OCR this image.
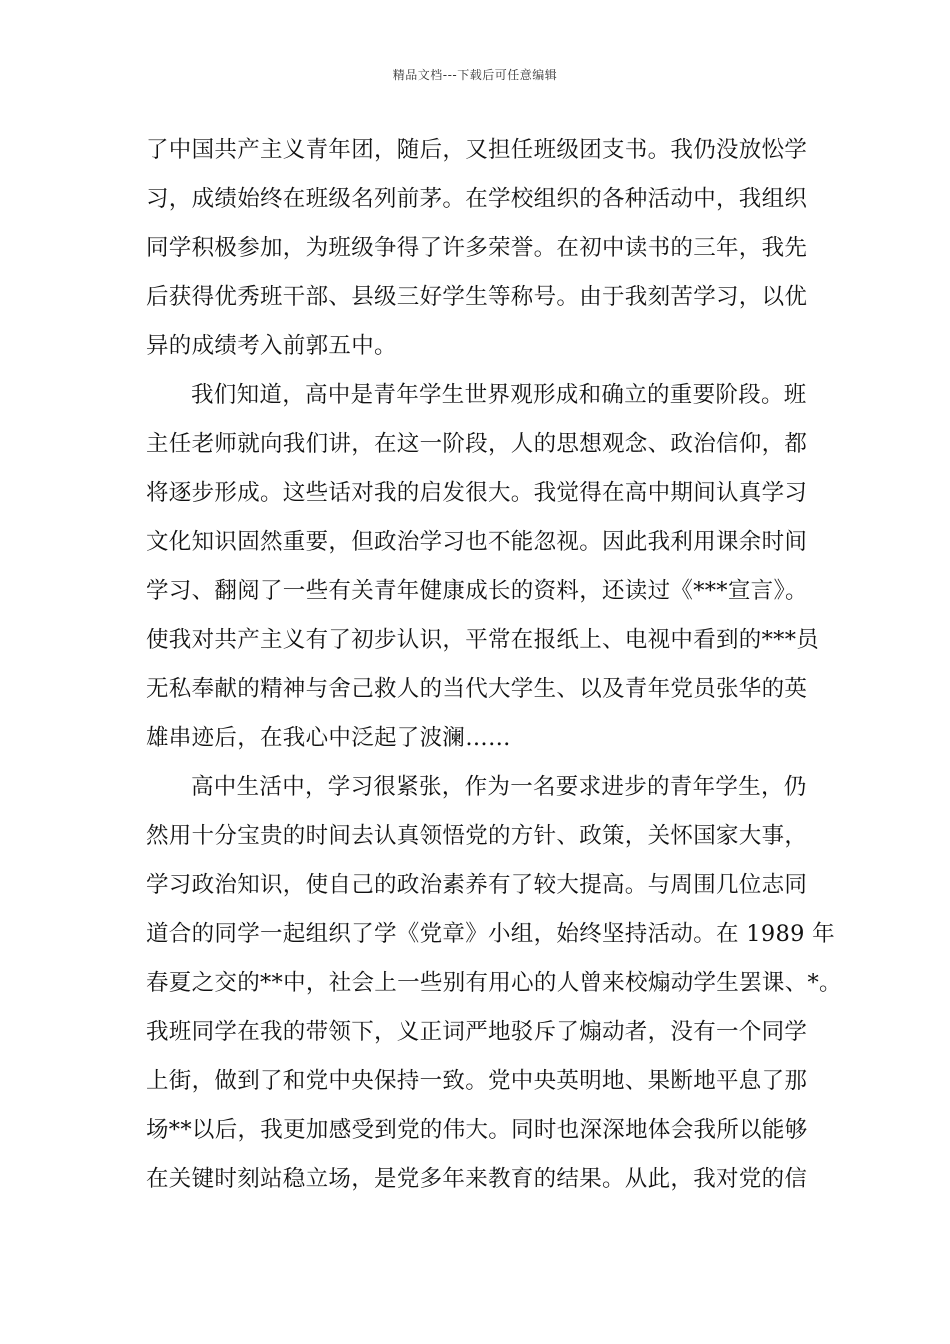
精品文档---下载后可任意编辑
了中国共产主义青年团，随后，又担任班级团支书。我仍没放忪学
习，成绩始终在班级名列前茅。在学校组织的各种活动中，我组织
同学积极参加，为班级争得了许多荣誉。在初中读书的三年，我先
后获得优秀班干部、县级三好学生等称号。由于我刻苦学习，以优
异的成绩考入前郭五中。
我们知道，高中是青年学生世界观形成和确立的重要阶段。班
主任老师就向我们讲，在这一阶段，人的思想观念、政治信仰，都
将逐步形成。这些话对我的启发很大。我觉得在高中期间认真学习
文化知识固然重要，但政治学习也不能忽视。因此我利用课余时间
学习、翻阅了一些有关青年健康成长的资料，还读过《***宣言》。
使我对共产主义有了初步认识，平常在报纸上、电视中看到的***员
无私奉献的精神与舍己救人的当代大学生、以及青年党员张华的英
雄串迹后，在我心中泛起了波澜……
高中生活中，学习很紧张，作为一名要求进步的青年学生，仍
然用十分宝贵的时间去认真领悟党的方针、政策，关怀国家大事，
学习政治知识，使自己的政治素养有了较大提高。与周围几位志同
道合的同学一起组织了学《党章》小组，始终坚持活动。在 1989 年
春夏之交的**中，社会上一些别有用心的人曾来校煽动学生罢课、*。
我班同学在我的带领下，义正词严地驳斥了煽动者，没有一个同学
上街，做到了和党中央保持一致。党中央英明地、果断地平息了那
场**以后，我更加感受到党的伟大。同时也深深地体会我所以能够
在关键时刻站稳立场，是党多年来教育的结果。从此，我对党的信
